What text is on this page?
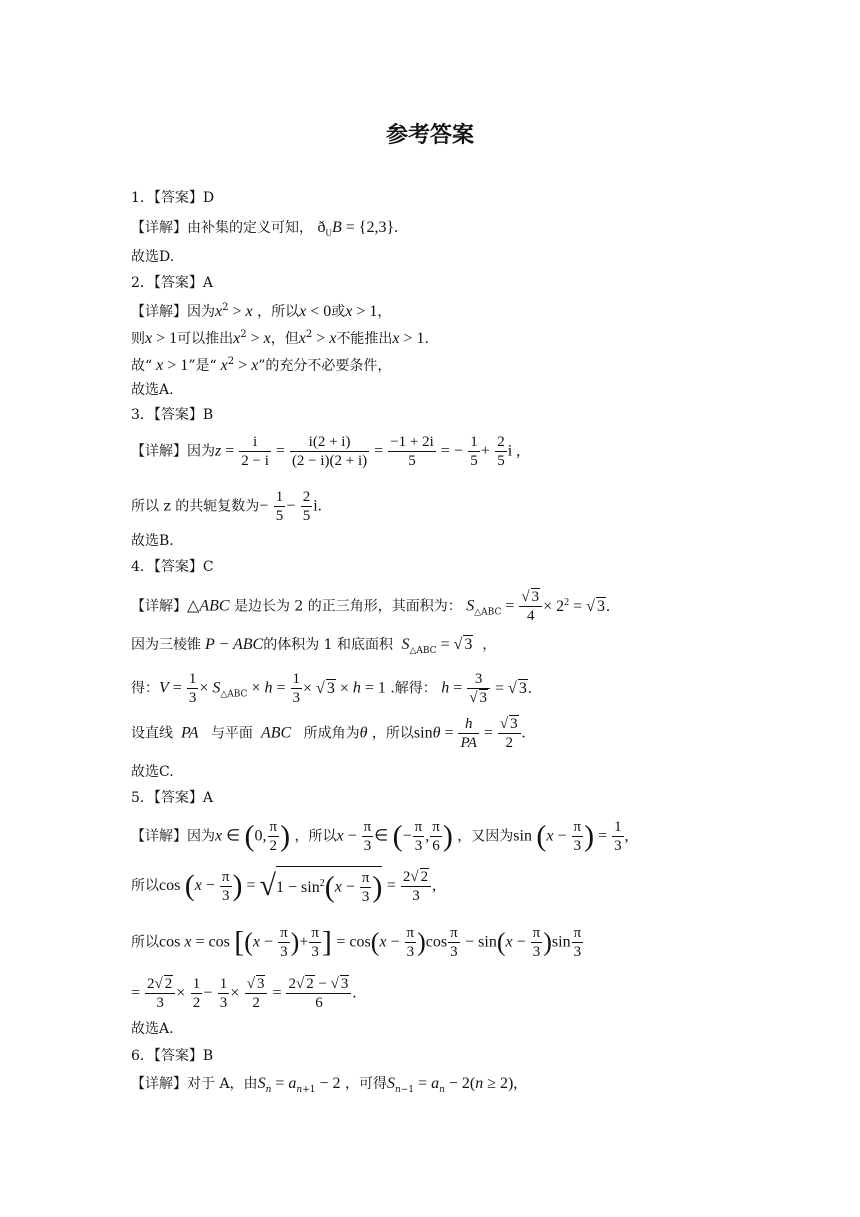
参考答案
1．【答案】D
【详解】由补集的定义可知， $ð_UB = \{2,3\}$.
故选D.
2．【答案】A
【详解】因为$x^2 > x$ ，所以x < 0或x > 1，
则x > 1可以推出$x^2 > x$，但$x^2 > x$不能推出x > 1.
故“ x > 1”是“ $x^2 > x$”的充分不必要条件，
故选A.
3．【答案】B
【详解】因为$z = \frac{i}{2 - i} = \frac{i(2 + i)}{(2 - i)(2 + i)} = \frac{-1 + 2i}{5}$ = − $\frac{1}{5} + \frac{2}{5}$ i ,
所以 z 的共轭复数为− $\frac{1}{5} - \frac{2}{5} i$.
故选B.
4．【答案】C
【详解】△ABC 是边长为 2 的正三角形，其面积为： $S_{\triangle ABC} = \frac{√ 3}{4} \times 2^2$ = √ 3.
因为三棱锥 P − ABC的体积为 1 和底面积  $S_{\triangle ABC}$ = √ 3  ，
得：$V = \frac{1}{3} \times S_{\triangle ABC} \times h = \frac{1}{3}$ × √ 3 × h = 1 .解得： $h = \frac{3}{√ 3}$ = √ 3.
设直线  PA   与平面  ABC   所成角为θ ，所以$\sin\theta = \frac{h}{PA} = \frac{√ 3}{2}$ .
故选C.
5．【答案】A
【详解】因为x ∈ (0, $\frac{\pi}{2}$ ) ，所以$x - \frac{\pi}{3}$ ∈ (− $\frac{\pi}{3}$ , $\frac{\pi}{6}$ ) ，又因为$\sin (x - \frac{\pi}{3}$ ) = $\frac{1}{3}$ ,
所以$\cos (x - \frac{\pi}{3}$ ) = $√1 - \sin^2(x - \frac{\pi}{3}$ ) = $\frac{2√ 2}{3}$ ,
所以$\cos x = \cos [(x - \frac{\pi}{3}$ )+ $\frac{\pi}{3}$ ] = $\cos(x - \frac{\pi}{3} )\cos \frac{\pi}{3} - \sin(x - \frac{\pi}{3} )\sin \frac{\pi}{3}$
= $\frac{2√ 2}{3} \times \frac{1}{2} - \frac{1}{3} \times \frac{√ 3}{2} = \frac{2√ 2 - √ 3}{6}$ .
故选A.
6．【答案】B
【详解】对于 A，由$S_n = a_{n+1} - 2$ ，可得$S_{n-1} = a_n - 2(n \ge 2)$,
